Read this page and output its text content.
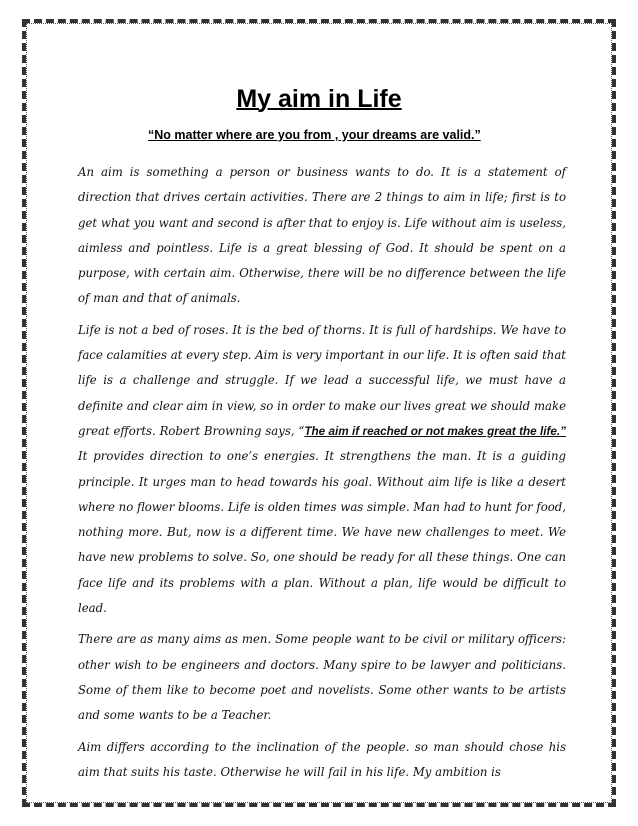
My aim in Life
“No matter where are you from , your dreams are valid.”

An aim is something a person or business wants to do. It is a statement of direction that drives certain activities. There are 2 things to aim in life; first is to get what you want and second is after that to enjoy is. Life without aim is useless, aimless and pointless. Life is a great blessing of God. It should be spent on a purpose, with certain aim. Otherwise, there will be no difference between the life of man and that of animals.

Life is not a bed of roses. It is the bed of thorns. It is full of hardships. We have to face calamities at every step. Aim is very important in our life. It is often said that life is a challenge and struggle. If we lead a successful life, we must have a definite and clear aim in view, so in order to make our lives great we should make great efforts. Robert Browning says, “The aim if reached or not makes great the life.” It provides direction to one’s energies. It strengthens the man. It is a guiding principle. It urges man to head towards his goal. Without aim life is like a desert where no flower blooms. Life is olden times was simple. Man had to hunt for food, nothing more. But, now is a different time. We have new challenges to meet. We have new problems to solve. So, one should be ready for all these things. One can face life and its problems with a plan. Without a plan, life would be difficult to lead.

There are as many aims as men. Some people want to be civil or military officers: other wish to be engineers and doctors. Many spire to be lawyer and politicians. Some of them like to become poet and novelists. Some other wants to be artists and some wants to be a Teacher.

Aim differs according to the inclination of the people. so man should chose his aim that suits his taste. Otherwise he will fail in his life. My ambition is
